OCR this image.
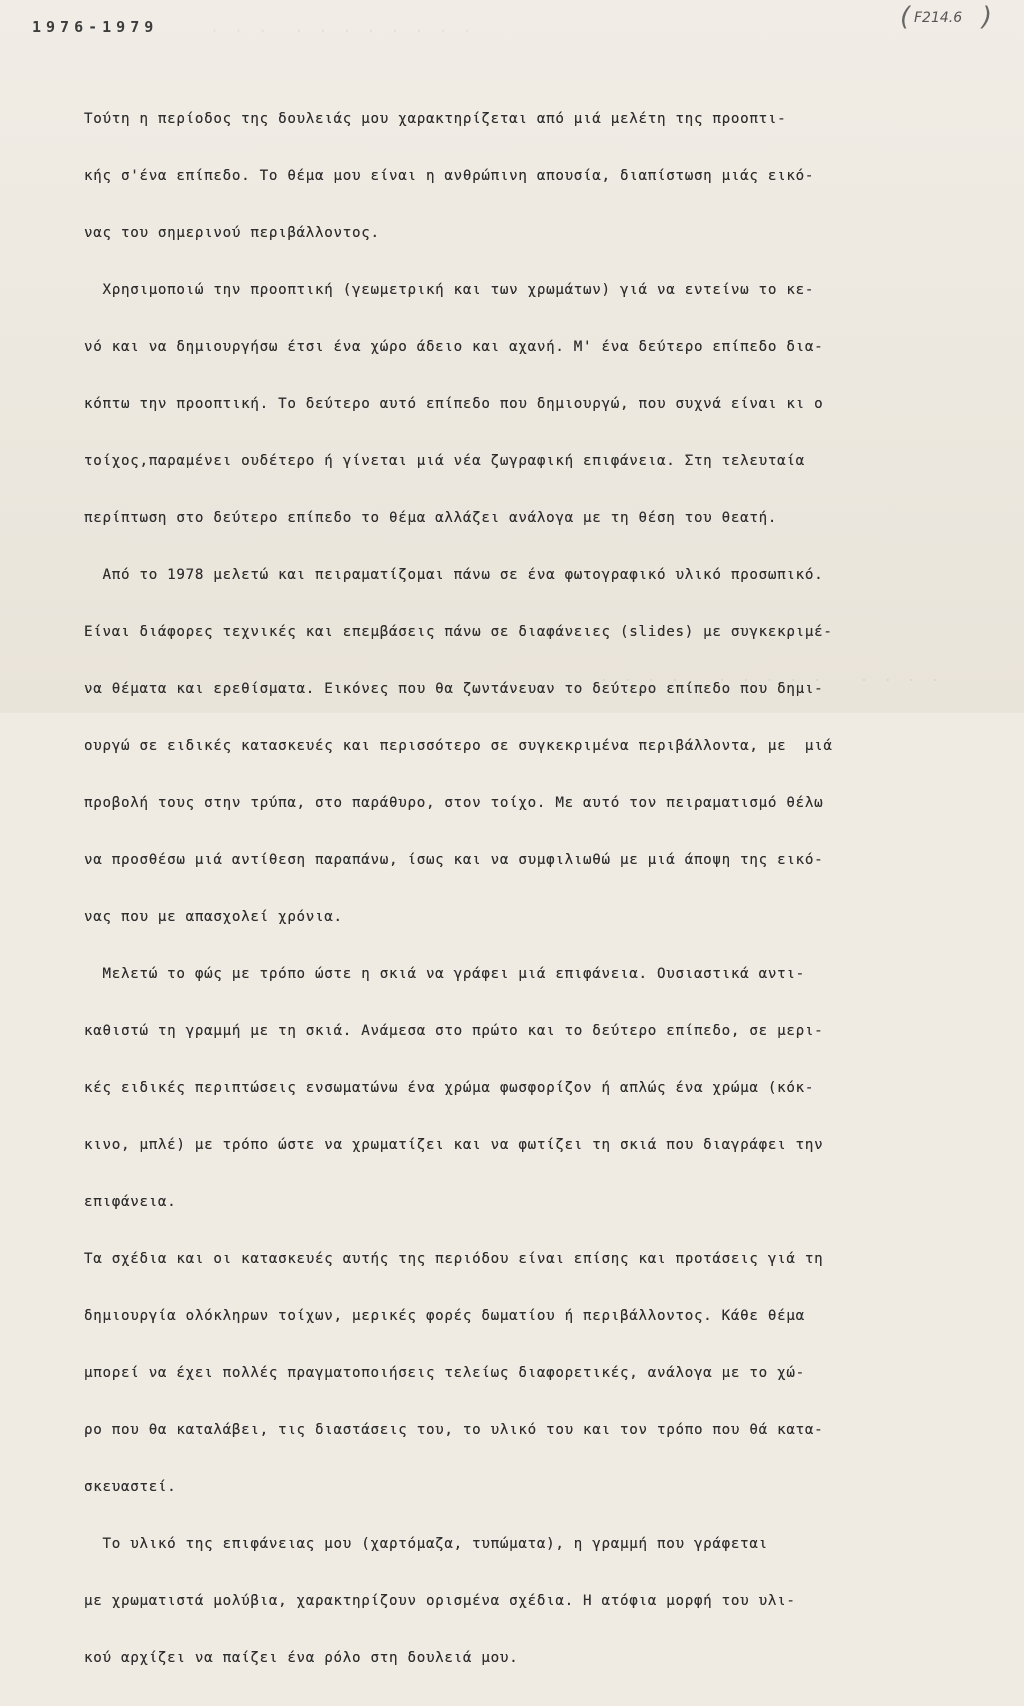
. . .  . . . . . . . .
. . . .   . . . . .   . . . .
1976-1979	( F214.6 )

Τούτη η περίοδος της δουλειάς μου χαρακτηρίζεται από μιά μελέτη της προοπτι-

κής σ'ένα επίπεδο. Το θέμα μου είναι η ανθρώπινη απουσία, διαπίστωση μιάς εικό-

νας του σημερινού περιβάλλοντος.

Χρησιμοποιώ την προοπτική (γεωμετρική και των χρωμάτων) γιά να εντείνω το κε-

νό και να δημιουργήσω έτσι ένα χώρο άδειο και αχανή. Μ' ένα δεύτερο επίπεδο δια-

κόπτω την προοπτική. Το δεύτερο αυτό επίπεδο που δημιουργώ, που συχνά είναι κι ο

τοίχος,παραμένει ουδέτερο ή γίνεται μιά νέα ζωγραφική επιφάνεια. Στη τελευταία

περίπτωση στο δεύτερο επίπεδο το θέμα αλλάζει ανάλογα με τη θέση του θεατή.

Από το 1978 μελετώ και πειραματίζομαι πάνω σε ένα φωτογραφικό υλικό προσωπικό.

Είναι διάφορες τεχνικές και επεμβάσεις πάνω σε διαφάνειες (slides) με συγκεκριμέ-

να θέματα και ερεθίσματα. Εικόνες που θα ζωντάνευαν το δεύτερο επίπεδο που δημι-

ουργώ σε ειδικές κατασκευές και περισσότερο σε συγκεκριμένα περιβάλλοντα, με  μιά

προβολή τους στην τρύπα, στο παράθυρο, στον τοίχο. Με αυτό τον πειραματισμό θέλω

να προσθέσω μιά αντίθεση παραπάνω, ίσως και να συμφιλιωθώ με μιά άποψη της εικό-

νας που με απασχολεί χρόνια.

Μελετώ το φώς με τρόπο ώστε η σκιά να γράφει μιά επιφάνεια. Ουσιαστικά αντι-

καθιστώ τη γραμμή με τη σκιά. Ανάμεσα στο πρώτο και το δεύτερο επίπεδο, σε μερι-

κές ειδικές περιπτώσεις ενσωματώνω ένα χρώμα φωσφορίζον ή απλώς ένα χρώμα (κόκ-

κινο, μπλέ) με τρόπο ώστε να χρωματίζει και να φωτίζει τη σκιά που διαγράφει την

επιφάνεια.

Τα σχέδια και οι κατασκευές αυτής της περιόδου είναι επίσης και προτάσεις γιά τη

δημιουργία ολόκληρων τοίχων, μερικές φορές δωματίου ή περιβάλλοντος. Κάθε θέμα

μπορεί να έχει πολλές πραγματοποιήσεις τελείως διαφορετικές, ανάλογα με το χώ-

ρο που θα καταλάβει, τις διαστάσεις του, το υλικό του και τον τρόπο που θά κατα-

σκευαστεί.

Το υλικό της επιφάνειας μου (χαρτόμαζα, τυπώματα), η γραμμή που γράφεται

με χρωματιστά μολύβια, χαρακτηρίζουν ορισμένα σχέδια. Η ατόφια μορφή του υλι-

κού αρχίζει να παίζει ένα ρόλο στη δουλειά μου.
